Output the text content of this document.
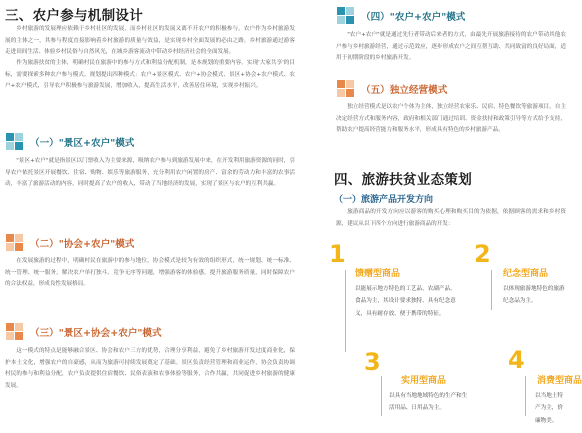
三、农户参与机制设计
乡村旅游的发展理应依赖于乡村社区的发展，而乡村社区的发展又离不开农户的积极参与。农户作为乡村旅游发展的主体之一，其参与程度直接影响着乡村旅游的质量与效益，是实现乡村全面发展的必由之路。乡村旅游通过游客走进田间生活、体验乡村民俗与自然风光，在城乡游客流动中带动乡村经济社会的全面发展。
作为旅游扶贫的主体，明确村民在旅游中的参与方式和利益分配机制，是本规划的重要内容。实现'大家共享'的目标，需要探索多种农户参与模式。规划提出四种模式：农户+景区模式、农户+协会模式、景区+协会+农户模式、农户+农户模式，引导农户积极参与旅游发展，增加收入，提高生活水平，改善居住环境，实现乡村振兴。
（一）"景区+农户"模式
"景区+农户"就是指景区以门票收入为主要来源，吸纳农户参与到旅游发展中来，在开发利用旅游资源的同时，引导农户依托景区开展餐饮、住宿、购物、娱乐等旅游服务，充分利用农户闲置的房产、富余的劳动力和丰富的农事活动，丰富了旅游活动的内容，同时提高了农户的收入，带动了当地经济的发展，实现了景区与农户的互利共赢。
（二）"协会+农户"模式
在发展旅游的过程中，明确村民在旅游中的参与地位，协会模式是较为有效的组织形式，统一规划、统一标准、统一管理、统一服务，解决农户单打独斗、竞争无序等问题，增强游客的体验感，提升旅游服务质量，同时保障农户的合法权益，形成良性发展格局。
（三）"景区+协会+农户"模式
这一模式的特点是能够融合景区、协会和农户三方的优势，合理分享利益，避免了乡村旅游开发过度商业化，保护本土文化，增强农户的自豪感，从而为旅游可持续发展奠定了基础。景区负责经营管理和商业运作，协会负责协调村民的参与和利益分配，农户负责提供住宿餐饮、民俗表演和农事体验等服务，合作共赢，共同促进乡村旅游的健康发展。
（四）"农户+农户"模式
"农户+农户"就是通过先行者带动后来者的方式，由最先开展旅游接待的农户带动其他农户参与乡村旅游经营，通过示范效应，逐步形成农户之间互帮互助、共同致富的良好局面，适用于初期阶段的乡村旅游开发。
（五）独立经营模式
独立经营模式是以农户个体为主体，独立经营农家乐、民宿、特色餐饮等旅游项目，自主决定经营方式和服务内容，政府和相关部门通过培训、资金扶持和政策引导等方式给予支持，帮助农户提高经营能力和服务水平，形成具有特色的乡村旅游产品。
四、旅游扶贫业态策划
（一）旅游产品开发方向
旅游商品的开发方向应以游客的购买心理和购买目的为依据，依据顾客的需求和乡村资源，建议从以下四个方向进行旅游商品的开发：
1
馈赠型商品
以能展示地方特色的工艺品、农副产品、食品为主，其设计要求独特、具有纪念意义，具有耐存放、便于携带的特征。
2
纪念型商品
以体现旅游地特色的旅游纪念品为主。
3
实用型商品
以具有当地地域特色的生产和生活用品、日用品为主。
4
消费型商品
以当地土特产为主，价廉物美。
